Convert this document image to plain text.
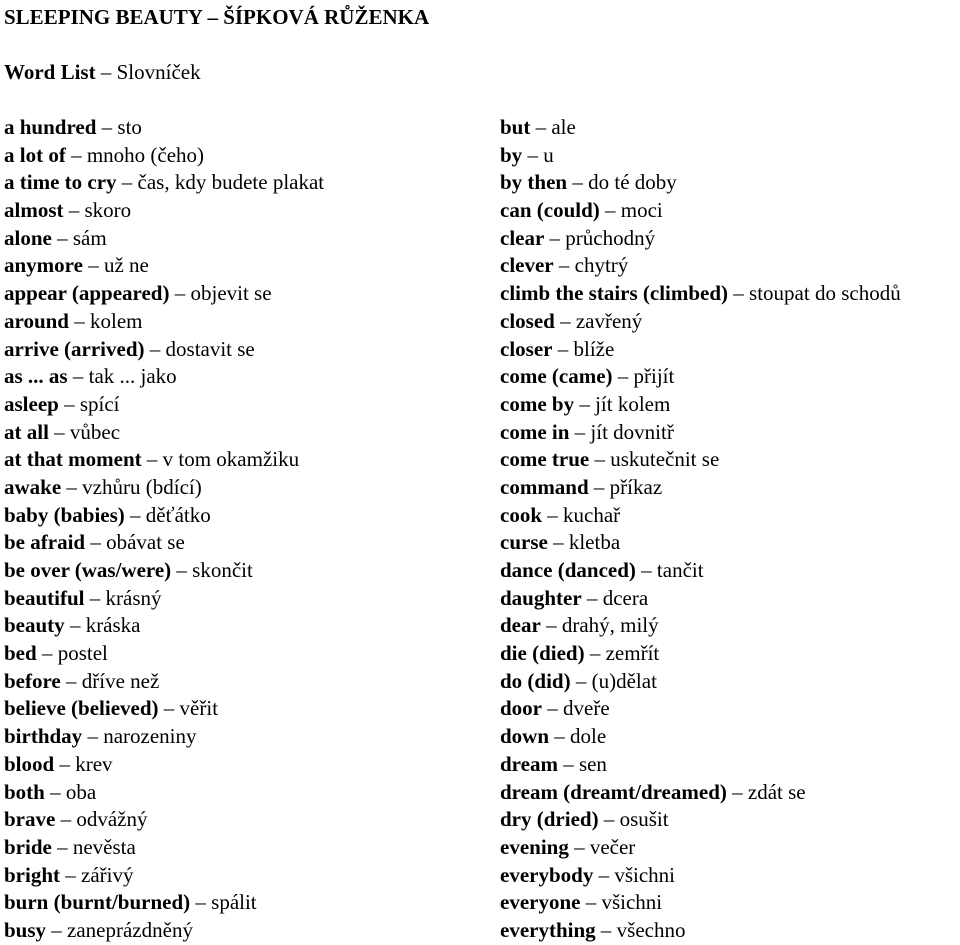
SLEEPING BEAUTY – ŠÍPKOVÁ RŮŽENKA
Word List – Slovníček
a hundred – sto
a lot of – mnoho (čeho)
a time to cry – čas, kdy budete plakat
almost – skoro
alone – sám
anymore – už ne
appear (appeared) – objevit se
around – kolem
arrive (arrived) – dostavit se
as ... as – tak ... jako
asleep – spící
at all – vůbec
at that moment – v tom okamžiku
awake – vzhůru (bdící)
baby (babies) – děťátko
be afraid – obávat se
be over (was/were) – skončit
beautiful – krásný
beauty – kráska
bed – postel
before – dříve než
believe (believed) – věřit
birthday – narozeniny
blood – krev
both – oba
brave – odvážný
bride – nevěsta
bright – zářivý
burn (burnt/burned) – spálit
busy – zaneprázdněný
but – ale
by – u
by then – do té doby
can (could) – moci
clear – průchodný
clever – chytrý
climb the stairs (climbed) – stoupat do schodů
closed – zavřený
closer – blíže
come (came) – přijít
come by – jít kolem
come in – jít dovnitř
come true – uskutečnit se
command – příkaz
cook – kuchař
curse – kletba
dance (danced) – tančit
daughter – dcera
dear – drahý, milý
die (died) – zemřít
do (did) – (u)dělat
door – dveře
down – dole
dream – sen
dream (dreamt/dreamed) – zdát se
dry (dried) – osušit
evening – večer
everybody – všichni
everyone – všichni
everything – všechno
